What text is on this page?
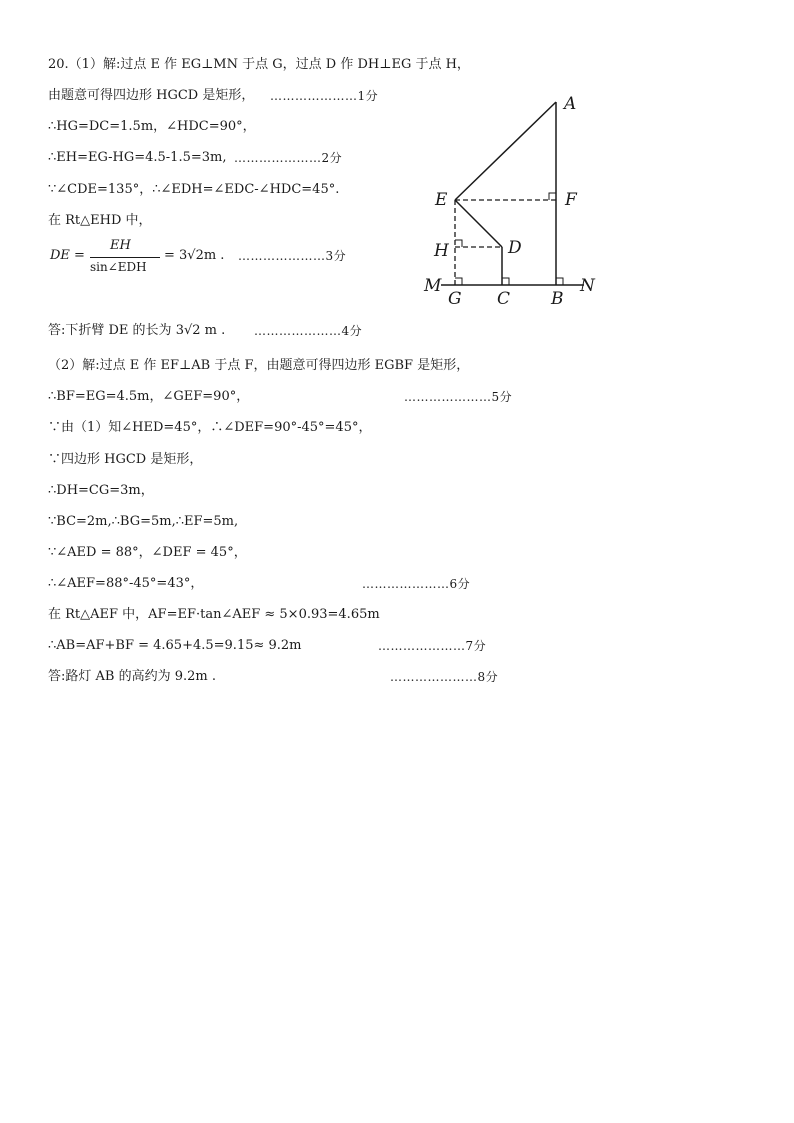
20.（1）解:过点 E 作 EG⊥MN 于点 G，过点 D 作 DH⊥EG 于点 H，
由题意可得四边形 HGCD 是矩形， …………………1分
∴HG=DC=1.5m，∠HDC=90°，
∴EH=EG-HG=4.5-1.5=3m, …………………2分
∵∠CDE=135°，∴∠EDH=∠EDC-∠HDC=45°.
在 Rt△EHD 中，
DE =
EH
sin∠EDH
= 3√2m . …………………3分
答:下折臂 DE 的长为 3√2 m . …………………4分
（2）解:过点 E 作 EF⊥AB 于点 F，由题意可得四边形 EGBF 是矩形，
∴BF=EG=4.5m，∠GEF=90°，	…………………5分
∵由（1）知∠HED=45°，∴∠DEF=90°-45°=45°，
∵四边形 HGCD 是矩形，
∴DH=CG=3m，
∵BC=2m,∴BG=5m,∴EF=5m,
∵∠AED = 88°，∠DEF = 45°，
∴∠AEF=88°-45°=43°，	…………………6分
在 Rt△AEF 中，AF=EF·tan∠AEF ≈ 5×0.93=4.65m
∴AB=AF+BF = 4.65+4.5=9.15≈ 9.2m	…………………7分
答:路灯 AB 的高约为 9.2m .	…………………8分
A
E	F
H	D
M
G C B
N
